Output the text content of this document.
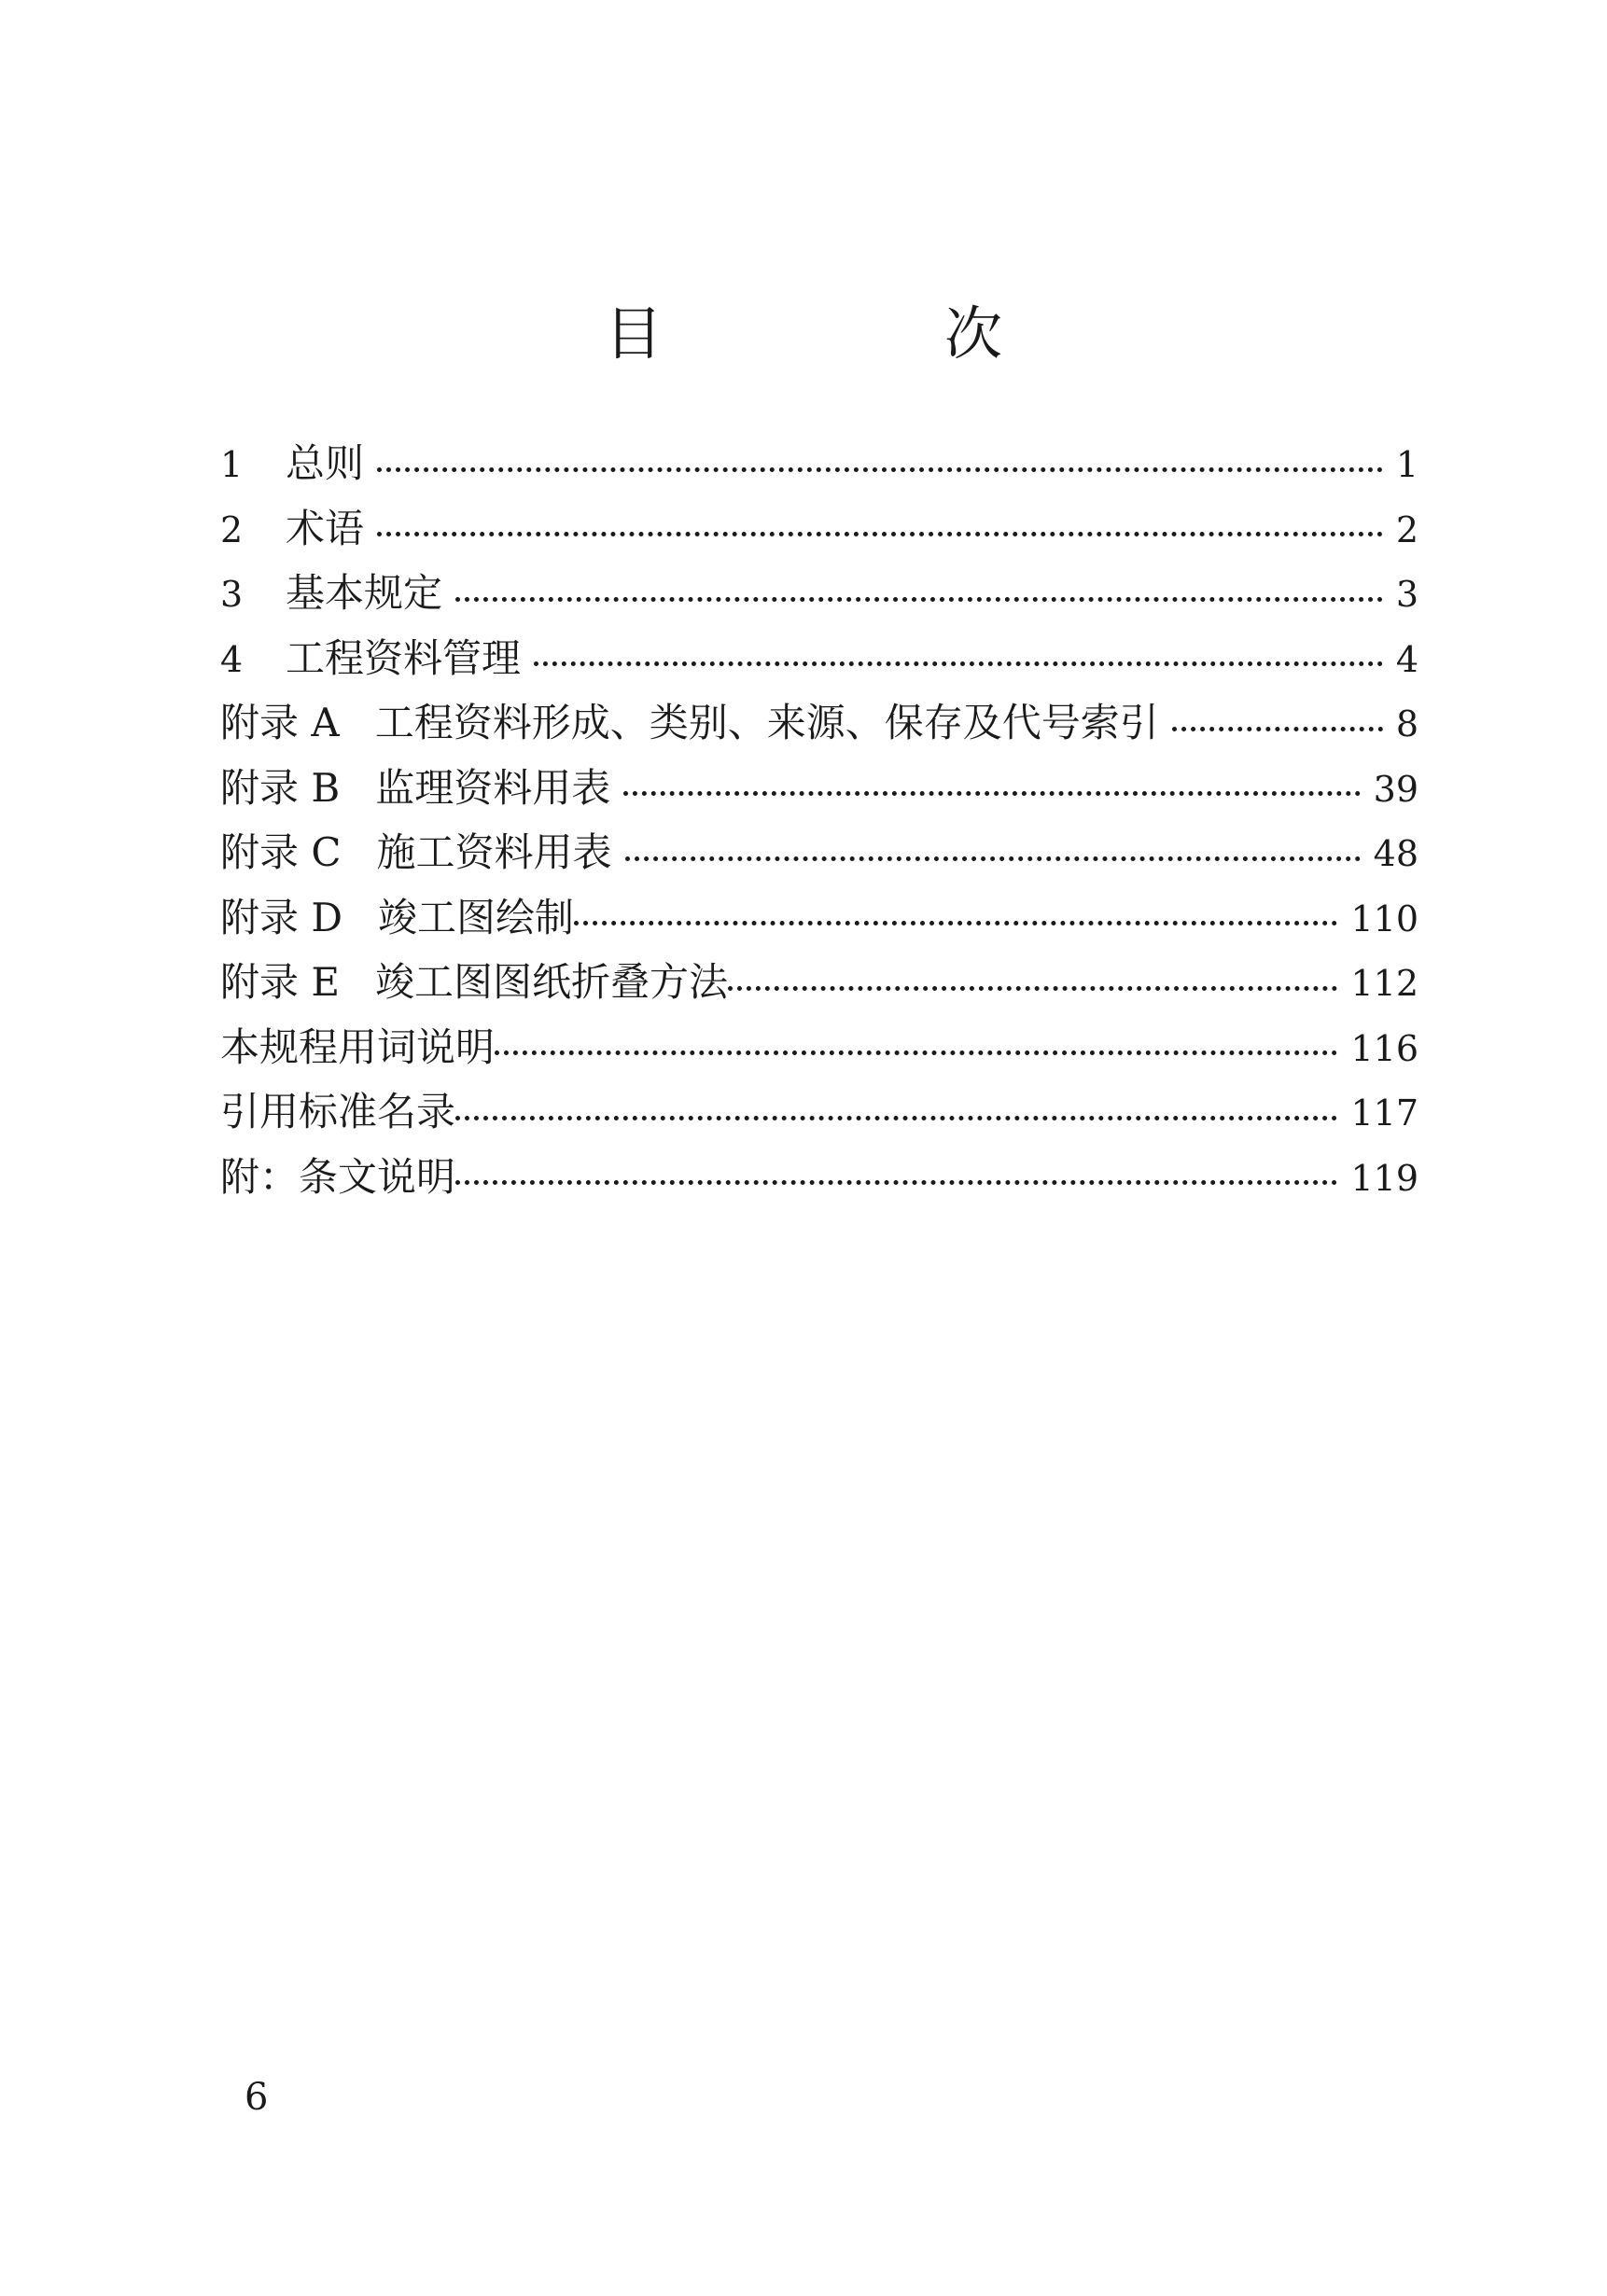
目　次
1	总则	1
2	术语	2
3	基本规定	3
4	工程资料管理	4
附录 A 工程资料形成、类别、来源、保存及代号索引	8
附录 B 监理资料用表	39
附录 C 施工资料用表	48
附录 D 竣工图绘制	110
附录 E 竣工图图纸折叠方法	112
本规程用词说明	116
引用标准名录	117
附：条文说明	119
6
